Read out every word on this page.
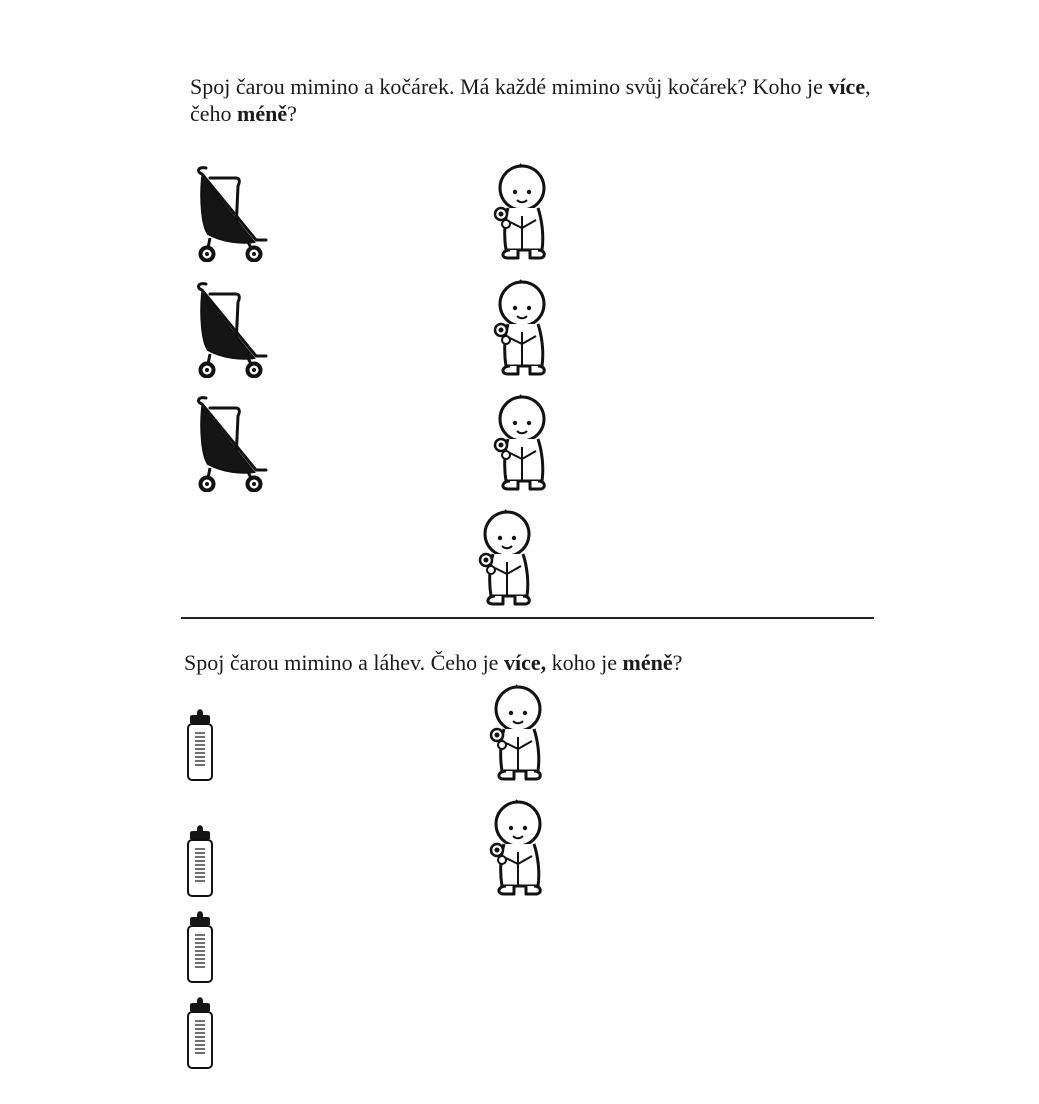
Spoj čarou mimino a kočárek. Má každé mimino svůj kočárek? Koho je více, čeho méně?

Spoj čarou mimino a láhev. Čeho je více, koho je méně?
